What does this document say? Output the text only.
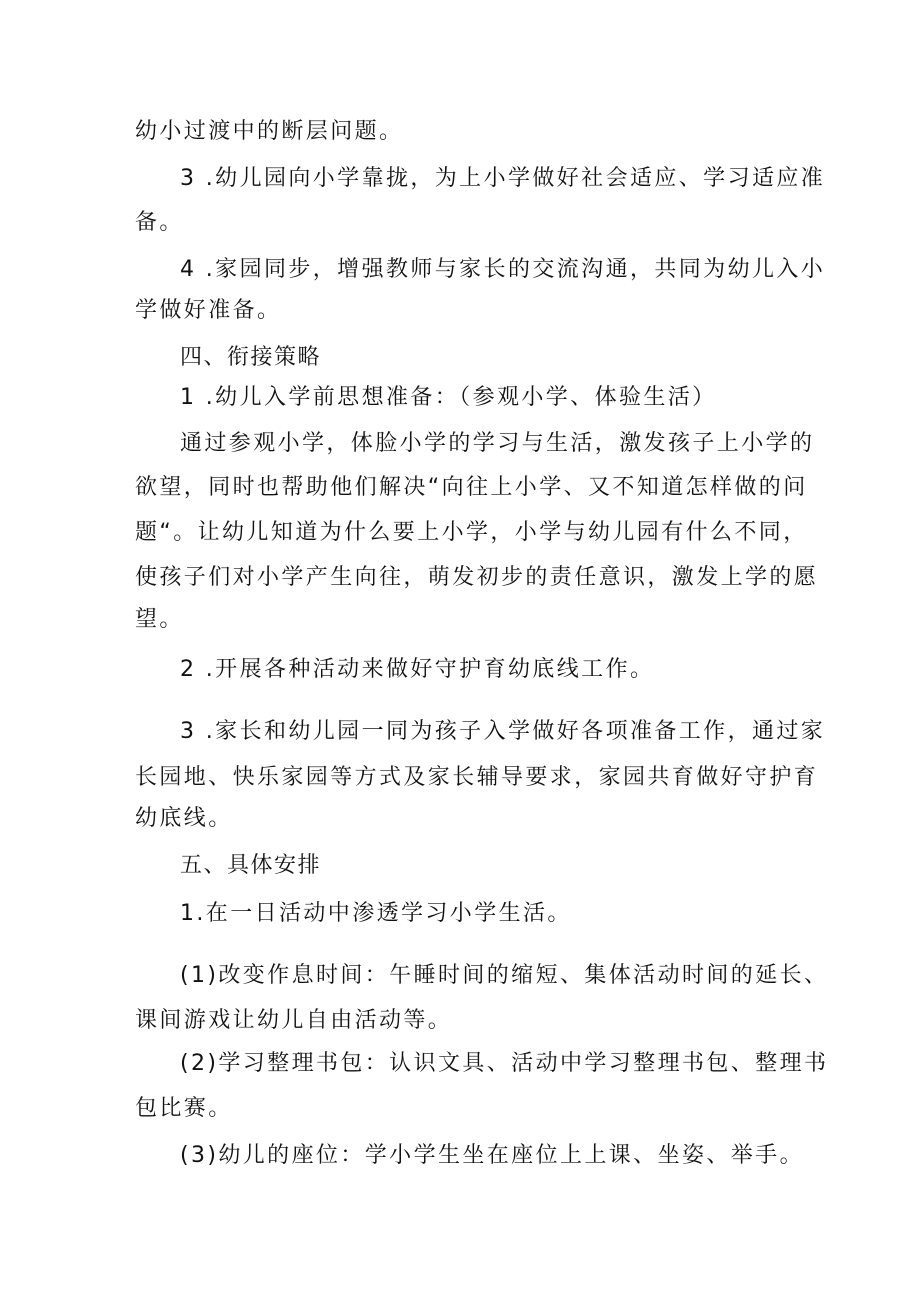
幼小过渡中的断层问题。
3 .幼儿园向小学靠拢，为上小学做好社会适应、学习适应准
备。
4 .家园同步，增强教师与家长的交流沟通，共同为幼儿入小
学做好准备。
四、衔接策略
1 .幼儿入学前思想准备：（参观小学、体验生活）
通过参观小学，体脸小学的学习与生活，激发孩子上小学的
欲望，同时也帮助他们解决“向往上小学、又不知道怎样做的问
题“。让幼儿知道为什么要上小学，小学与幼儿园有什么不同，
使孩子们对小学产生向往，萌发初步的责任意识，激发上学的愿
望。
2 .开展各种活动来做好守护育幼底线工作。
3 .家长和幼儿园一同为孩子入学做好各项准备工作，通过家
长园地、快乐家园等方式及家长辅导要求，家园共育做好守护育
幼底线。
五、具体安排
1.在一日活动中渗透学习小学生活。
(1)改变作息时间：午睡时间的缩短、集体活动时间的延长、
课间游戏让幼儿自由活动等。
(2)学习整理书包：认识文具、活动中学习整理书包、整理书
包比赛。
(3)幼儿的座位：学小学生坐在座位上上课、坐姿、举手。
